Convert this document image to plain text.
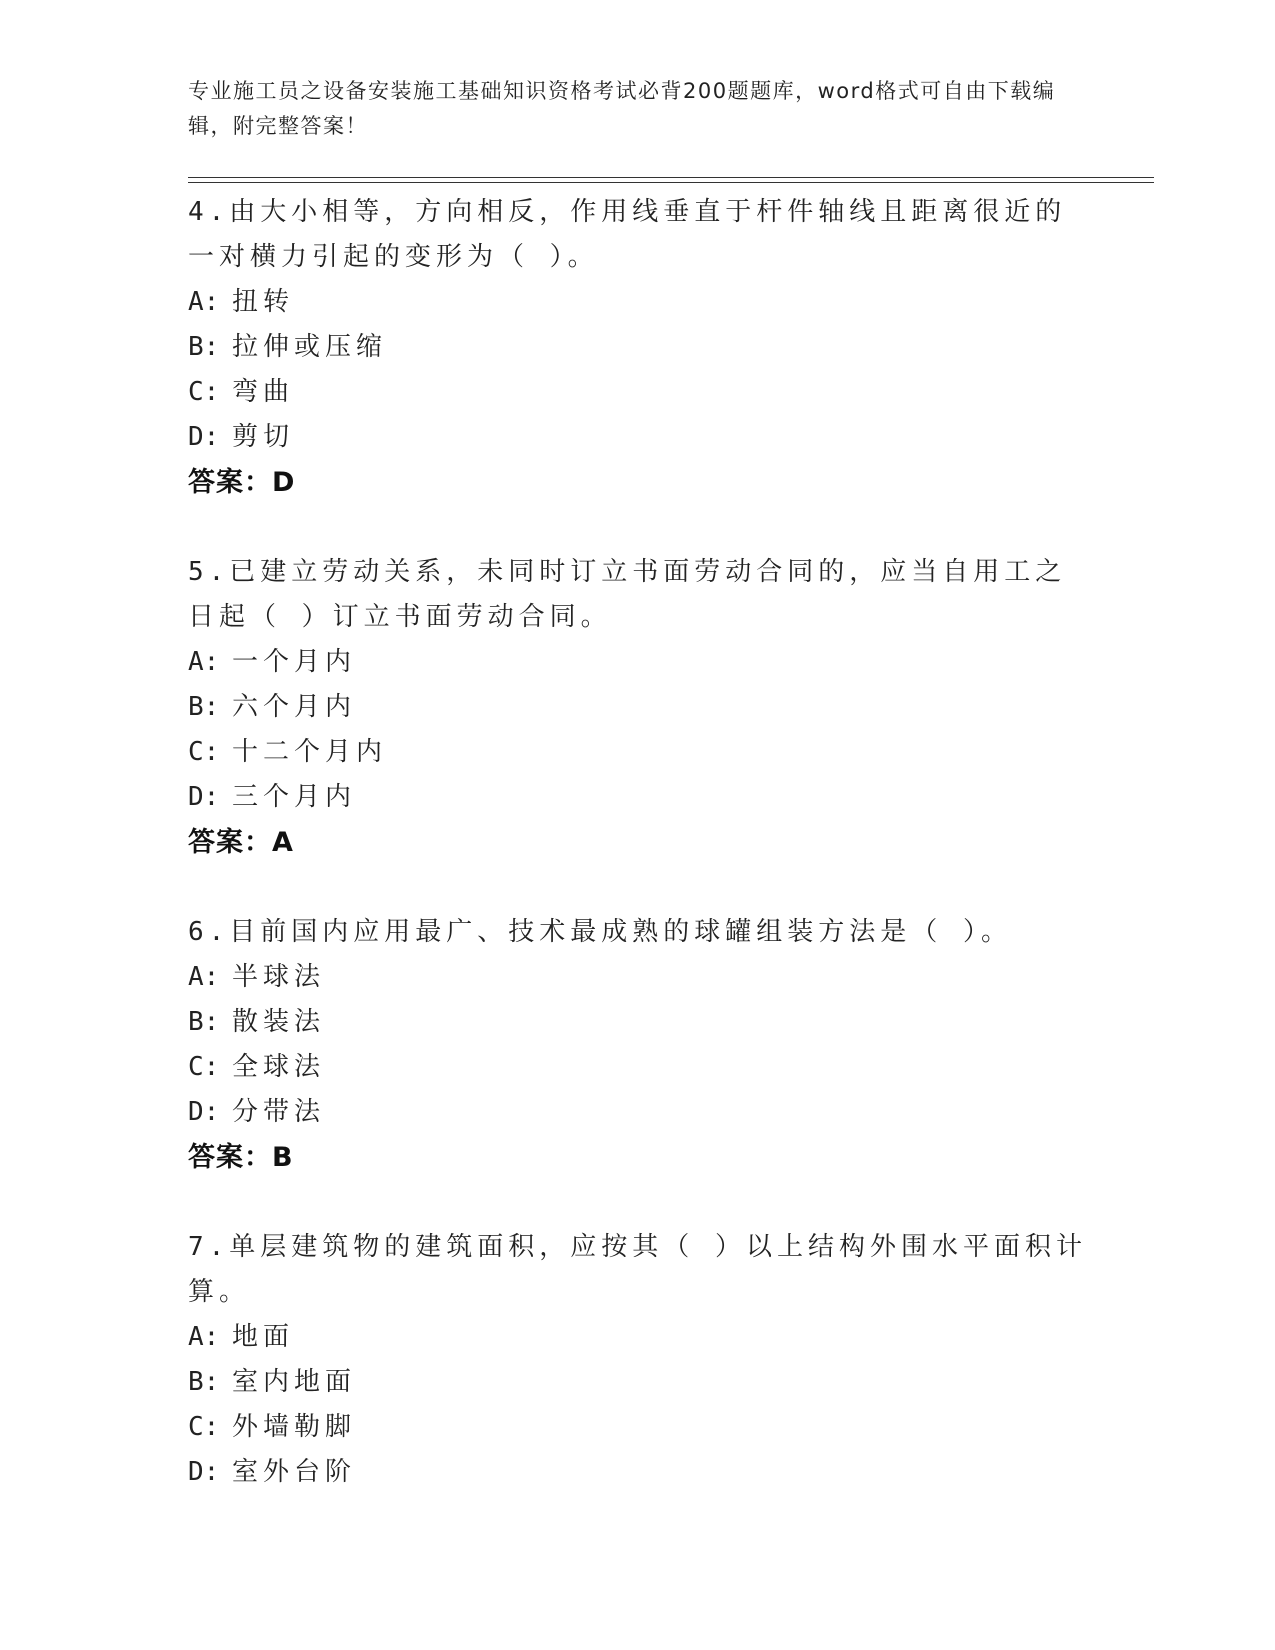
专业施工员之设备安装施工基础知识资格考试必背200题题库，word格式可自由下载编辑，附完整答案！

4.由大小相等，方向相反，作用线垂直于杆件轴线且距离很近的一对横力引起的变形为（ ）。

A: 扭转
B: 拉伸或压缩
C: 弯曲
D: 剪切
答案：D

5.已建立劳动关系，未同时订立书面劳动合同的，应当自用工之日起（ ）订立书面劳动合同。

A: 一个月内
B: 六个月内
C: 十二个月内
D: 三个月内
答案：A

6.目前国内应用最广、技术最成熟的球罐组装方法是（ ）。

A: 半球法
B: 散装法
C: 全球法
D: 分带法
答案：B

7.单层建筑物的建筑面积，应按其（ ）以上结构外围水平面积计算。

A: 地面
B: 室内地面
C: 外墙勒脚
D: 室外台阶
